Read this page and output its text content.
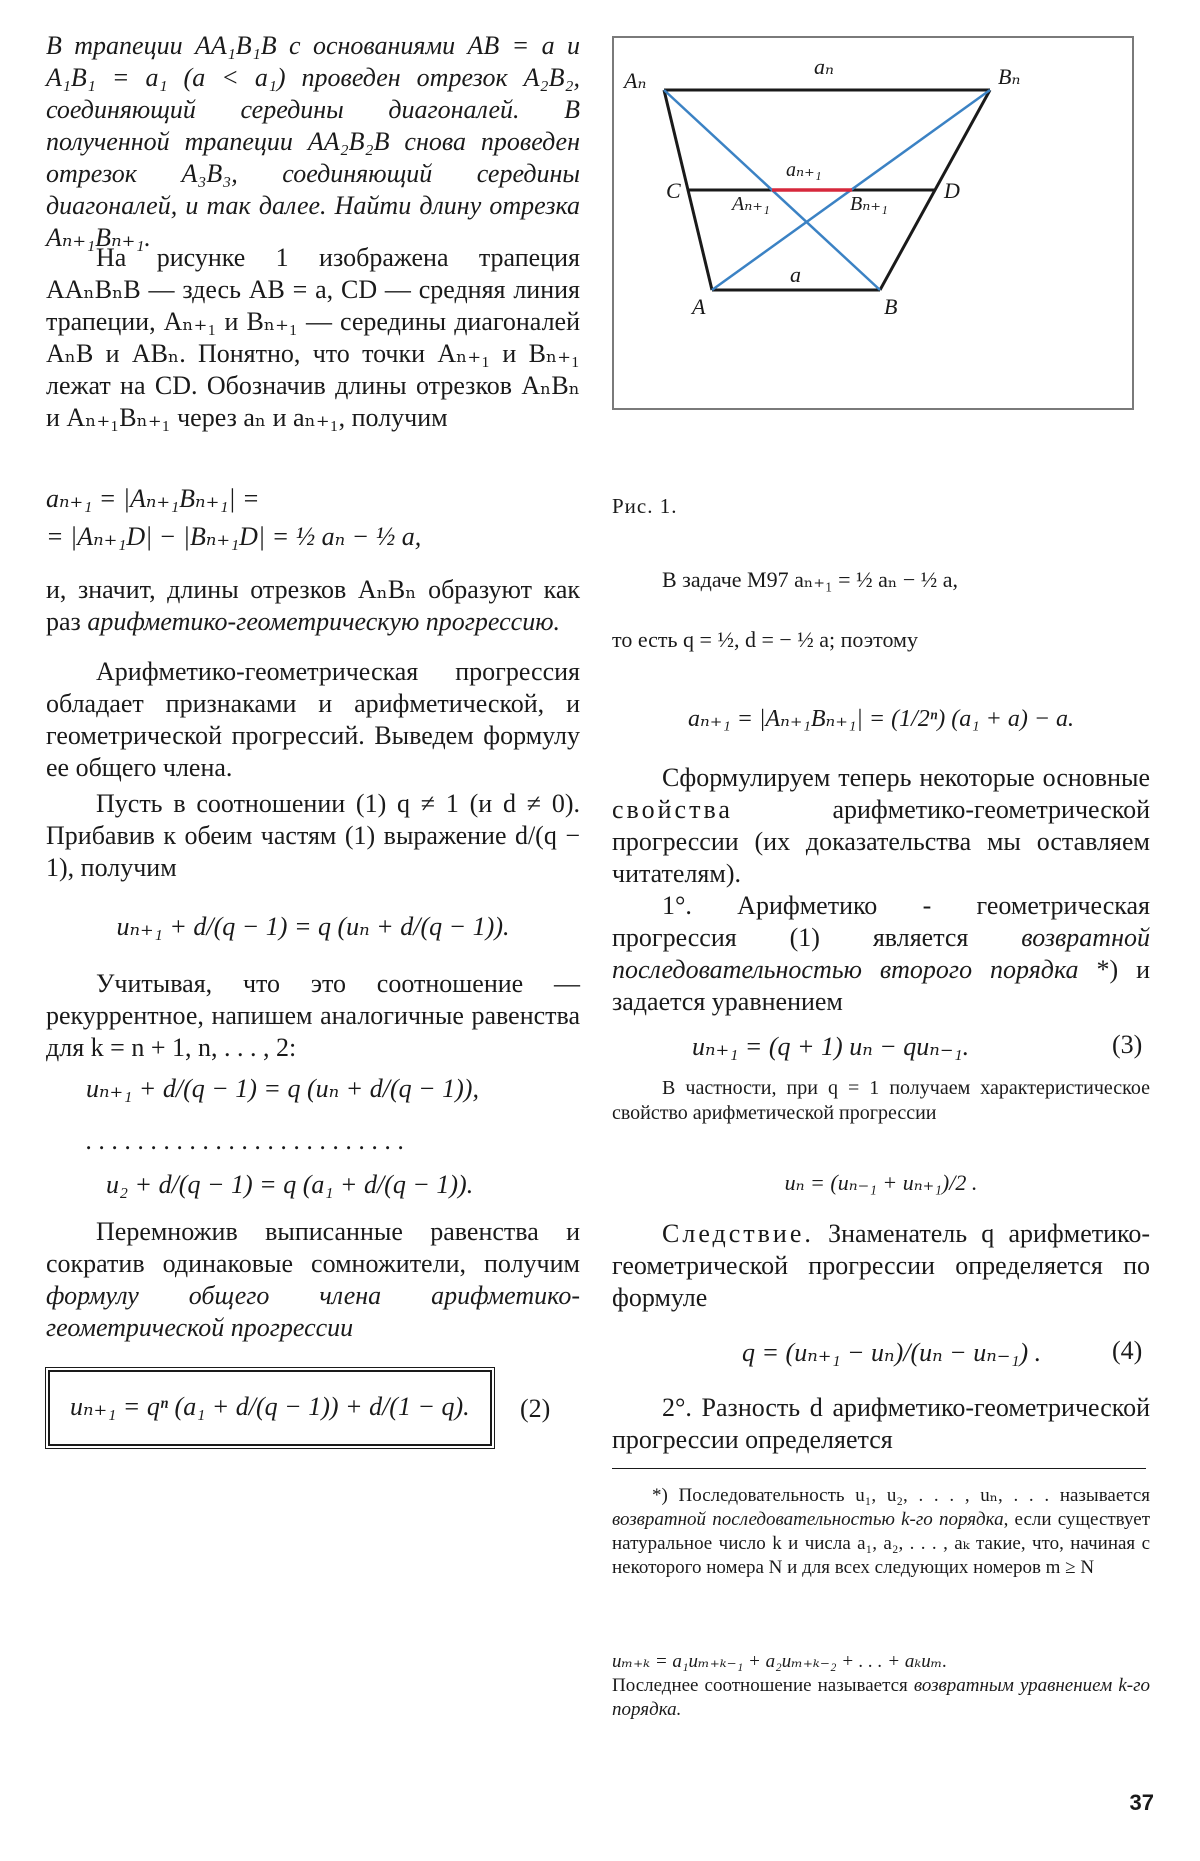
В трапеции AA₁B₁B с основаниями AB = a и A₁B₁ = a₁ (a < a₁) проведен отрезок A₂B₂, соединяющий середины диагоналей. В полученной трапеции AA₂B₂B снова проведен отрезок A₃B₃, соединяющий середины диагоналей, и так далее. Найти длину отрезка Aₙ₊₁Bₙ₊₁.

На рисунке 1 изображена трапеция AAₙBₙB — здесь AB = a, CD — средняя линия трапеции, Aₙ₊₁ и Bₙ₊₁ — середины диагоналей AₙB и ABₙ. Понятно, что точки Aₙ₊₁ и Bₙ₊₁ лежат на CD. Обозначив длины отрезков AₙBₙ и Aₙ₊₁Bₙ₊₁ через aₙ и aₙ₊₁, получим

aₙ₊₁ = |Aₙ₊₁Bₙ₊₁| =

= |Aₙ₊₁D| − |Bₙ₊₁D| = ½ aₙ − ½ a,

и, значит, длины отрезков AₙBₙ образуют как раз арифметико-геометрическую прогрессию.

Арифметико-геометрическая прогрессия обладает признаками и арифметической, и геометрической прогрессий. Выведем формулу ее общего члена.

Пусть в соотношении (1) q ≠ 1 (и d ≠ 0). Прибавив к обеим частям (1) выражение d/(q − 1), получим

uₙ₊₁ + d/(q − 1) = q (uₙ + d/(q − 1)).

Учитывая, что это соотношение — рекуррентное, напишем аналогичные равенства для k = n + 1, n, . . . , 2:

uₙ₊₁ + d/(q − 1) = q (uₙ + d/(q − 1)),

. . . . . . . . . . . . . . . . . . . . . . . . .

u₂ + d/(q − 1) = q (a₁ + d/(q − 1)).

Перемножив выписанные равенства и сократив одинаковые сомножители, получим формулу общего члена арифметико-геометрической прогрессии

uₙ₊₁ = qⁿ (a₁ + d/(q − 1)) + d/(1 − q). (2)
aₙ
Aₙ	Bₙ
aₙ₊₁
C	D
Aₙ₊₁	Bₙ₊₁
a
A	B
Рис. 1.

В задаче М97 aₙ₊₁ = ½ aₙ − ½ a,

то есть q = ½, d = − ½ a; поэтому

aₙ₊₁ = |Aₙ₊₁Bₙ₊₁| = (1/2ⁿ) (a₁ + a) − a.

Сформулируем теперь некоторые основные свойства арифметико-геометрической прогрессии (их доказательства мы оставляем читателям).

1°. Арифметико - геометрическая прогрессия (1) является возвратной последовательностью второго порядка *) и задается уравнением

uₙ₊₁ = (q + 1) uₙ − quₙ₋₁.	(3)

В частности, при q = 1 получаем характеристическое свойство арифметической прогрессии

uₙ = (uₙ₋₁ + uₙ₊₁)/2 .

Следствие. Знаменатель q арифметико-геометрической прогрессии определяется по формуле

q = (uₙ₊₁ − uₙ)/(uₙ − uₙ₋₁) .	(4)

2°. Разность d арифметико-геометрической прогрессии определяется

*) Последовательность u₁, u₂, . . . , uₙ, . . . называется возвратной последовательностью k-го порядка, если существует натуральное число k и числа a₁, a₂, . . . , aₖ такие, что, начиная с некоторого номера N и для всех следующих номеров m ≥ N

uₘ₊ₖ = a₁uₘ₊ₖ₋₁ + a₂uₘ₊ₖ₋₂ + . . . + aₖuₘ.

Последнее соотношение называется возвратным уравнением k-го порядка.

37
